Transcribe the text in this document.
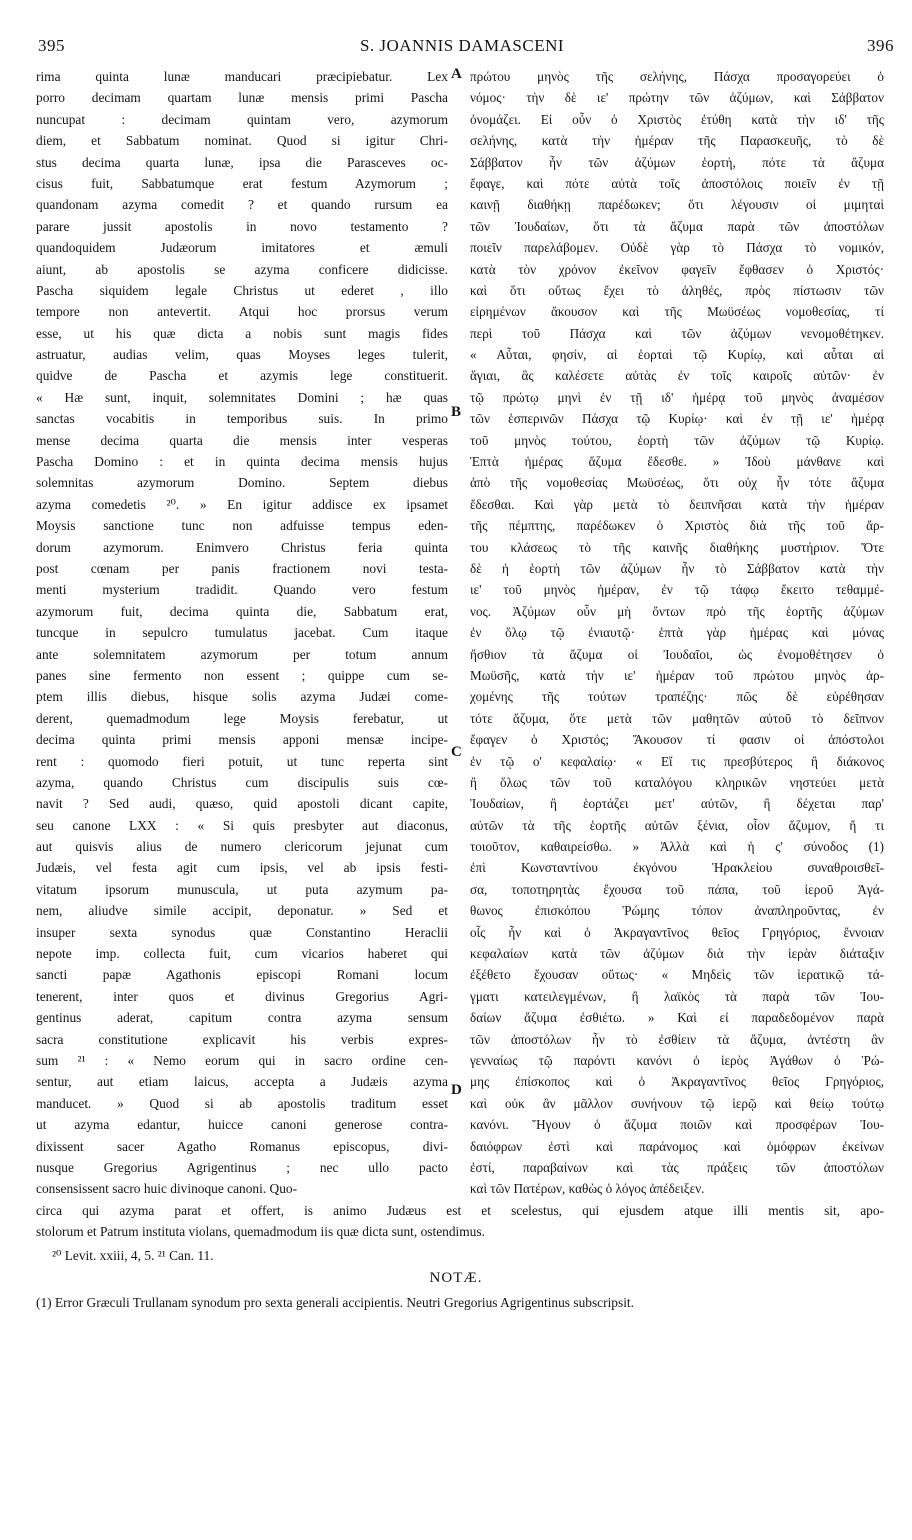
395	S. JOANNIS DAMASCENI	396
rima quinta lunæ manducari præcipiebatur. Lex
porro decimam quartam lunæ mensis primi Pascha
nuncupat : decimam quintam vero, azymorum
diem, et Sabbatum nominat. Quod si igitur Chri-
stus decima quarta lunæ, ipsa die Parasceves oc-
cisus fuit, Sabbatumque erat festum Azymorum ;
quandonam azyma comedit ? et quando rursum ea
parare jussit apostolis in novo testamento ?
quandoquidem Judæorum imitatores et æmuli
aiunt, ab apostolis se azyma conficere didicisse.
Pascha siquidem legale Christus ut ederet , illo
tempore non antevertit. Atqui hoc prorsus verum
esse, ut his quæ dicta a nobis sunt magis fides
astruatur, audias velim, quas Moyses leges tulerit,
quidve de Pascha et azymis lege constituerit.
« Hæ sunt, inquit, solemnitates Domini ; hæ quas
sanctas vocabitis in temporibus suis. In primo
mense decima quarta die mensis inter vesperas
Pascha Domino : et in quinta decima mensis hujus
solemnitas azymorum Domino. Septem diebus
azyma comedetis ²⁰. » En igitur addisce ex ipsamet
Moysis sanctione tunc non adfuisse tempus eden-
dorum azymorum. Enimvero Christus feria quinta
post cœnam per panis fractionem novi testa-
menti mysterium tradidit. Quando vero festum
azymorum fuit, decima quinta die, Sabbatum erat,
tuncque in sepulcro tumulatus jacebat. Cum itaque
ante solemnitatem azymorum per totum annum
panes sine fermento non essent ; quippe cum se-
ptem illis diebus, hisque solis azyma Judæi come-
derent, quemadmodum lege Moysis ferebatur, ut
decima quinta primi mensis apponi mensæ incipe-
rent : quomodo fieri potuit, ut tunc reperta sint
azyma, quando Christus cum discipulis suis cœ-
navit ? Sed audi, quæso, quid apostoli dicant capite,
seu canone LXX : « Si quis presbyter aut diaconus,
aut quisvis alius de numero clericorum jejunat cum
Judæis, vel festa agit cum ipsis, vel ab ipsis festi-
vitatum ipsorum munuscula, ut puta azymum pa-
nem, aliudve simile accipit, deponatur. » Sed et
insuper sexta synodus quæ Constantino Heraclii
nepote imp. collecta fuit, cum vicarios haberet qui
sancti papæ Agathonis episcopi Romani locum
tenerent, inter quos et divinus Gregorius Agri-
gentinus aderat, capitum contra azyma sensum
sacra constitutione explicavit his verbis expres-
sum ²¹ : « Nemo eorum qui in sacro ordine cen-
sentur, aut etiam laicus, accepta a Judæis azyma
manducet. » Quod si ab apostolis traditum esset
ut azyma edantur, huicce canoni generose contra-
dixissent sacer Agatho Romanus episcopus, divi-
nusque Gregorius Agrigentinus ; nec ullo pacto
consensissent sacro huic divinoque canoni. Quo-
πρώτου μηνὸς τῆς σελήνης, Πάσχα προσαγορεύει ὁ
νόμος· τὴν δὲ ιε' πρώτην τῶν ἀζύμων, καὶ Σάββατον
ὀνομάζει. Εἰ οὖν ὁ Χριστὸς ἐτύθη κατὰ τὴν ιδ' τῆς
σελήνης, κατὰ τὴν ἡμέραν τῆς Παρασκευῆς, τὸ δὲ
Σάββατον ἦν τῶν ἀζύμων ἑορτή, πότε τὰ ἄζυμα
ἔφαγε, καὶ πότε αὐτὰ τοῖς ἀποστόλοις ποιεῖν ἐν τῇ
καινῇ διαθήκῃ παρέδωκεν; ὅτι λέγουσιν οἱ μιμηταὶ
τῶν Ἰουδαίων, ὅτι τὰ ἄζυμα παρὰ τῶν ἀποστόλων
ποιεῖν παρελάβομεν. Οὐδὲ γὰρ τὸ Πάσχα τὸ νομικόν,
κατὰ τὸν χρόνον ἐκεῖνον φαγεῖν ἔφθασεν ὁ Χριστός·
καὶ ὅτι οὕτως ἔχει τὸ ἀληθές, πρὸς πίστωσιν τῶν
εἰρημένων ἄκουσον καὶ τῆς Μωϋσέως νομοθεσίας, τί
περὶ τοῦ Πάσχα καὶ τῶν ἀζύμων νενομοθέτηκεν.
« Αὗται, φησίν, αἱ ἑορταὶ τῷ Κυρίῳ, καὶ αὗται αἱ
ἅγιαι, ἃς καλέσετε αὐτὰς ἐν τοῖς καιροῖς αὐτῶν· ἐν
τῷ πρώτῳ μηνὶ ἐν τῇ ιδ' ἡμέρᾳ τοῦ μηνὸς ἀναμέσον
τῶν ἑσπερινῶν Πάσχα τῷ Κυρίῳ· καὶ ἐν τῇ ιε' ἡμέρᾳ
τοῦ μηνὸς τούτου, ἑορτὴ τῶν ἀζύμων τῷ Κυρίῳ.
Ἑπτὰ ἡμέρας ἄζυμα ἔδεσθε. » Ἰδοὺ μάνθανε καὶ
ἀπὸ τῆς νομοθεσίας Μωϋσέως, ὅτι οὐχ ἦν τότε ἄζυμα
ἔδεσθαι. Καὶ γὰρ μετὰ τὸ δειπνῆσαι κατὰ τὴν ἡμέραν
τῆς πέμπτης, παρέδωκεν ὁ Χριστὸς διὰ τῆς τοῦ ἄρ-
του κλάσεως τὸ τῆς καινῆς διαθήκης μυστήριον. Ὅτε
δὲ ἡ ἑορτὴ τῶν ἀζύμων ἦν τὸ Σάββατον κατὰ τὴν
ιε' τοῦ μηνὸς ἡμέραν, ἐν τῷ τάφῳ ἔκειτο τεθαμμέ-
νος. Ἀζύμων οὖν μὴ ὄντων πρὸ τῆς ἑορτῆς ἀζύμων
ἐν ὅλῳ τῷ ἐνιαυτῷ· ἑπτὰ γὰρ ἡμέρας καὶ μόνας
ἤσθιον τὰ ἄζυμα οἱ Ἰουδαῖοι, ὡς ἐνομοθέτησεν ὁ
Μωϋσῆς, κατὰ τὴν ιε' ἡμέραν τοῦ πρώτου μηνὸς ἀρ-
χομένης τῆς τούτων τραπέζης· πῶς δὲ εὑρέθησαν
τότε ἄζυμα, ὅτε μετὰ τῶν μαθητῶν αὐτοῦ τὸ δεῖπνον
ἔφαγεν ὁ Χριστός; Ἄκουσον τί φασιν οἱ ἀπόστολοι
ἐν τῷ ο' κεφαλαίῳ· « Εἴ τις πρεσβύτερος ἢ διάκονος
ἢ ὅλως τῶν τοῦ καταλόγου κληρικῶν νηστεύει μετὰ
Ἰουδαίων, ἢ ἑορτάζει μετ' αὐτῶν, ἢ δέχεται παρ'
αὐτῶν τὰ τῆς ἑορτῆς αὐτῶν ξένια, οἷον ἄζυμον, ἤ τι
τοιοῦτον, καθαιρείσθω. » Ἀλλὰ καὶ ἡ ς' σύνοδος (1)
ἐπὶ Κωνσταντίνου ἐκγόνου Ἡρακλείου συναθροισθεῖ-
σα, τοποτηρητὰς ἔχουσα τοῦ πάπα, τοῦ ἱεροῦ Ἀγά-
θωνος ἐπισκόπου Ῥώμης τόπον ἀναπληροῦντας, ἐν
οἷς ἦν καὶ ὁ Ἀκραγαντῖνος θεῖος Γρηγόριος, ἔννοιαν
κεφαλαίων κατὰ τῶν ἀζύμων διὰ τὴν ἱερὰν διάταξιν
ἐξέθετο ἔχουσαν οὕτως· « Μηδεὶς τῶν ἱερατικῷ τά-
γματι κατειλεγμένων, ἢ λαϊκὸς τὰ παρὰ τῶν Ἰου-
δαίων ἄζυμα ἐσθιέτω. » Καὶ εἰ παραδεδομένον παρὰ
τῶν ἀποστόλων ἦν τὸ ἐσθίειν τὰ ἄζυμα, ἀντέστη ἂν
γενναίως τῷ παρόντι κανόνι ὁ ἱερὸς Ἀγάθων ὁ Ῥώ-
μης ἐπίσκοπος καὶ ὁ Ἀκραγαντῖνος θεῖος Γρηγόριος,
καὶ οὐκ ἂν μᾶλλον συνήνουν τῷ ἱερῷ καὶ θείῳ τούτῳ
κανόνι. Ἤγουν ὁ ἄζυμα ποιῶν καὶ προσφέρων Ἰου-
δαιόφρων ἐστὶ καὶ παράνομος καὶ ὁμόφρων ἐκείνων
ἐστί, παραβαίνων καὶ τὰς πράξεις τῶν ἀποστόλων
καὶ τῶν Πατέρων, καθὼς ὁ λόγος ἀπέδειξεν.
A
B
C
D
circa qui azyma parat et offert, is animo Judæus est et scelestus, qui ejusdem atque illi mentis sit, apo-
stolorum et Patrum instituta violans, quemadmodum iis quæ dicta sunt, ostendimus.
²⁰ Levit. xxiii, 4, 5. ²¹ Can. 11.
NOTÆ.
(1) Error Græculi Trullanam synodum pro sexta generali accipientis. Neutri Gregorius Agrigentinus subscripsit.
